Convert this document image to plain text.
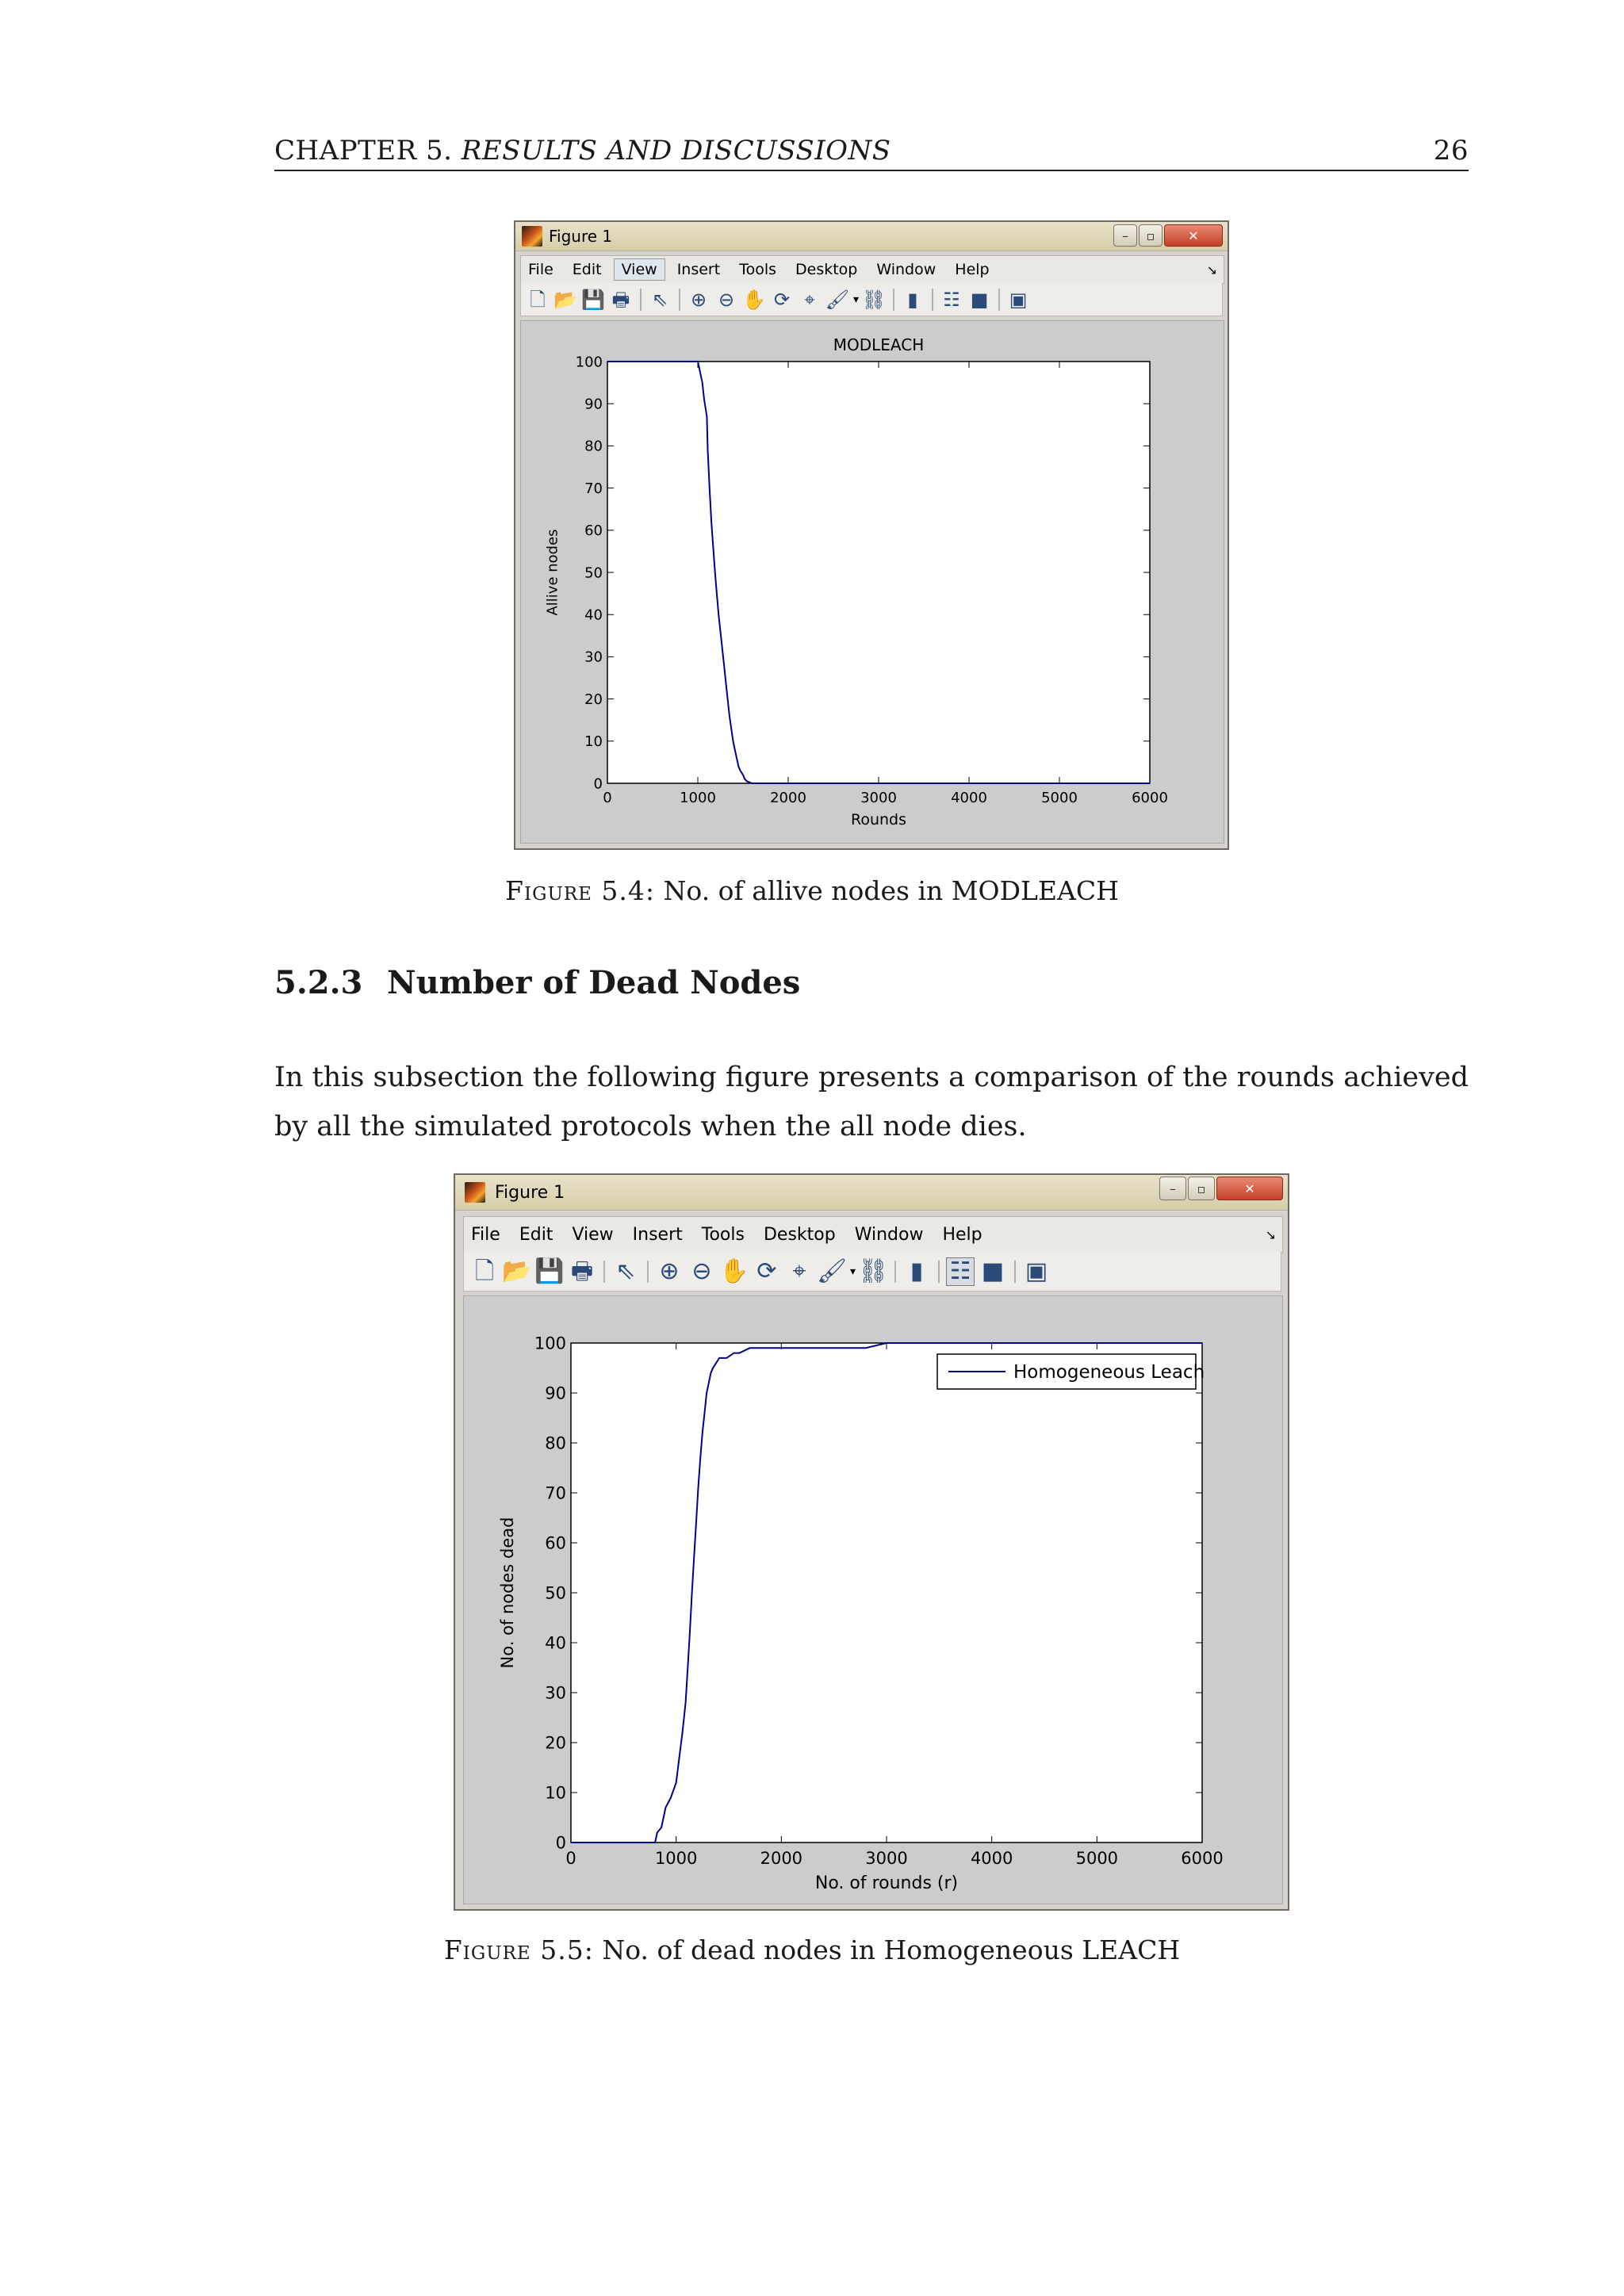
CHAPTER 5. RESULTS AND DISCUSSIONS	26
Figure 1	–	▫	✕
File	Edit	View	Insert	Tools	Desktop	Window	Help	↘
🗋 📂 💾 🖶 ⇖ ⊕ ⊖ ✋ ⟳ ⌖ 🖌 ▾ ⛓	▮	☷ ■ ▣
0	1000	2000	3000	4000	5000	6000
0
10
20
30
40
50
60
70
80
90
100
MODLEACH
Rounds
Allive nodes
Figure 5.4: No. of allive nodes in MODLEACH
5.2.3 Number of Dead Nodes
In this subsection the following figure presents a comparison of the rounds achieved by all the simulated protocols when the all node dies.
Figure 1	–	▫	✕
File	Edit	View	Insert	Tools	Desktop	Window	Help	↘
🗋 📂 💾 🖶 ⇖ ⊕ ⊖ ✋ ⟳ ⌖ 🖌 ▾ ⛓ ▮	☷ ■ ▣
0	1000	2000	3000	4000	5000	6000
0
10
20
30
40
50
60
70
80
90
100
No. of rounds (r)
No. of nodes dead
Homogeneous Leach
Figure 5.5: No. of dead nodes in Homogeneous LEACH
